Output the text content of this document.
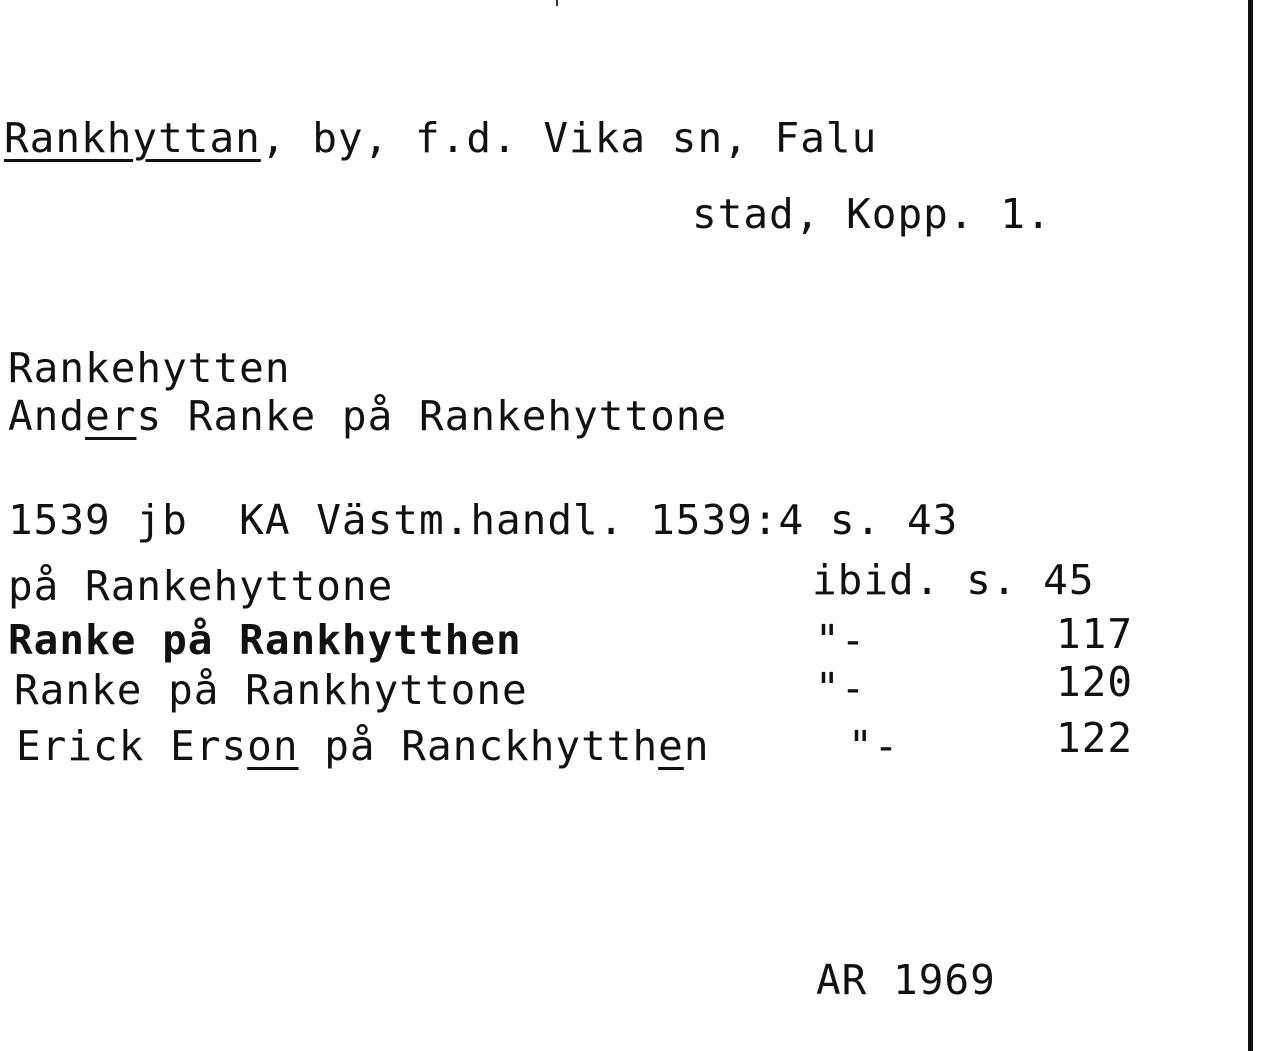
Rankhyttan, by, f.d. Vika sn, Falu
stad, Kopp. 1.
Rankehytten
Anders Ranke på Rankehyttone
1539 jb  KA Västm.handl. 1539:4 s. 43
på Rankehyttone	ibid. s. 45
Ranke på Rankhytthen	"-	117
Ranke på Rankhyttone	"-	120
Erick Erson på Ranckhytthen	"-	122
AR 1969
